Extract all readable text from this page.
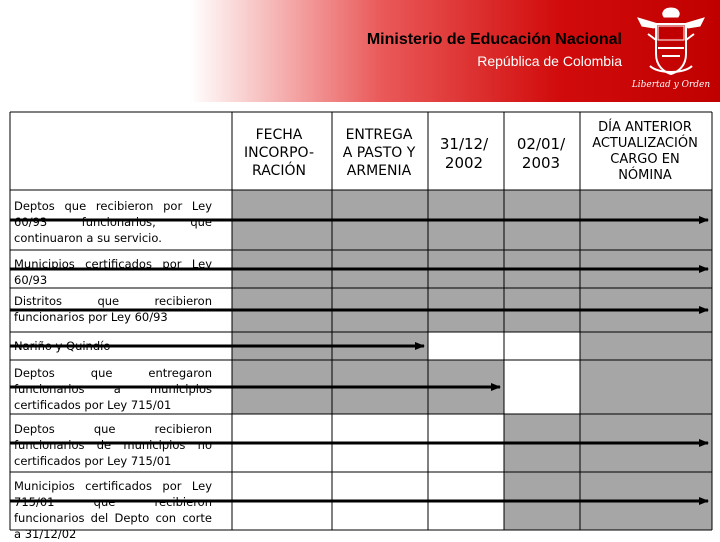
Ministerio de Educación Nacional
República de Colombia
Libertad y Orden
FECHA
INCORPO-
RACIÓN
ENTREGA
A PASTO Y
ARMENIA
31/12/
2002
02/01/
2003
DÍA ANTERIOR
ACTUALIZACIÓN
CARGO EN
NÓMINA
Deptos que recibieron por Ley 60/93 funcionarios, que continuaron a su servicio.
Municipios certificados por Ley 60/93
Distritos que recibieron funcionarios por Ley 60/93
Nariño y Quindío
Deptos que entregaron funcionarios a municipios certificados por Ley 715/01
Deptos que recibieron funcionarios de municipios no certificados por Ley 715/01
Municipios certificados por Ley 715/01 que recibieron funcionarios del Depto con corte a 31/12/02
